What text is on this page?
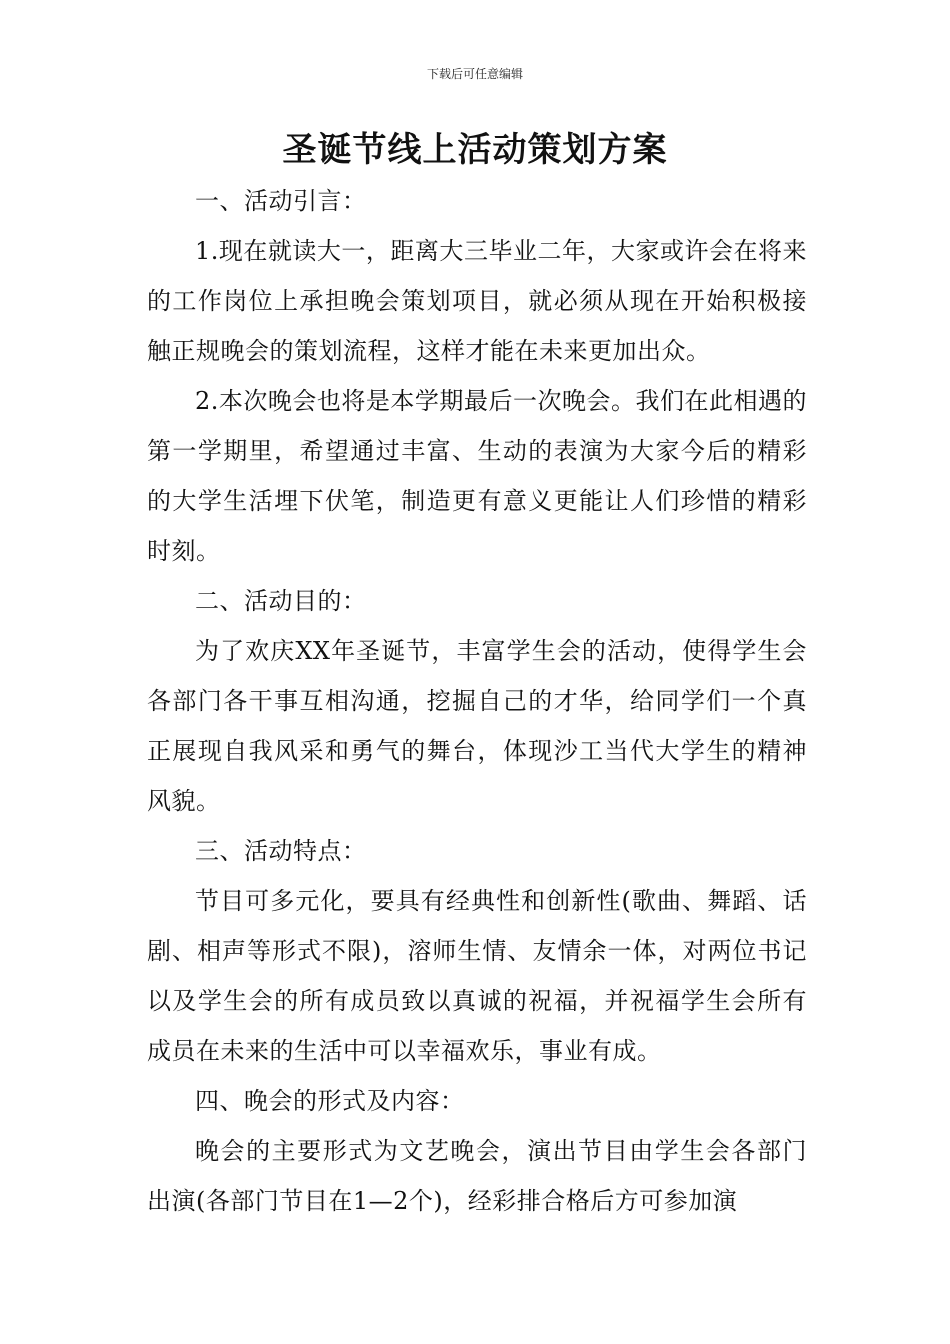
下载后可任意编辑
圣诞节线上活动策划方案

一、活动引言：

1.现在就读大一，距离大三毕业二年，大家或许会在将来的工作岗位上承担晚会策划项目，就必须从现在开始积极接触正规晚会的策划流程，这样才能在未来更加出众。

2.本次晚会也将是本学期最后一次晚会。我们在此相遇的第一学期里，希望通过丰富、生动的表演为大家今后的精彩的大学生活埋下伏笔，制造更有意义更能让人们珍惜的精彩时刻。

二、活动目的：

为了欢庆XX年圣诞节，丰富学生会的活动，使得学生会各部门各干事互相沟通，挖掘自己的才华，给同学们一个真正展现自我风采和勇气的舞台，体现沙工当代大学生的精神风貌。

三、活动特点：

节目可多元化，要具有经典性和创新性(歌曲、舞蹈、话剧、相声等形式不限)，溶师生情、友情余一体，对两位书记以及学生会的所有成员致以真诚的祝福，并祝福学生会所有成员在未来的生活中可以幸福欢乐，事业有成。

四、晚会的形式及内容：

晚会的主要形式为文艺晚会，演出节目由学生会各部门出演(各部门节目在1—2个)，经彩排合格后方可参加演
